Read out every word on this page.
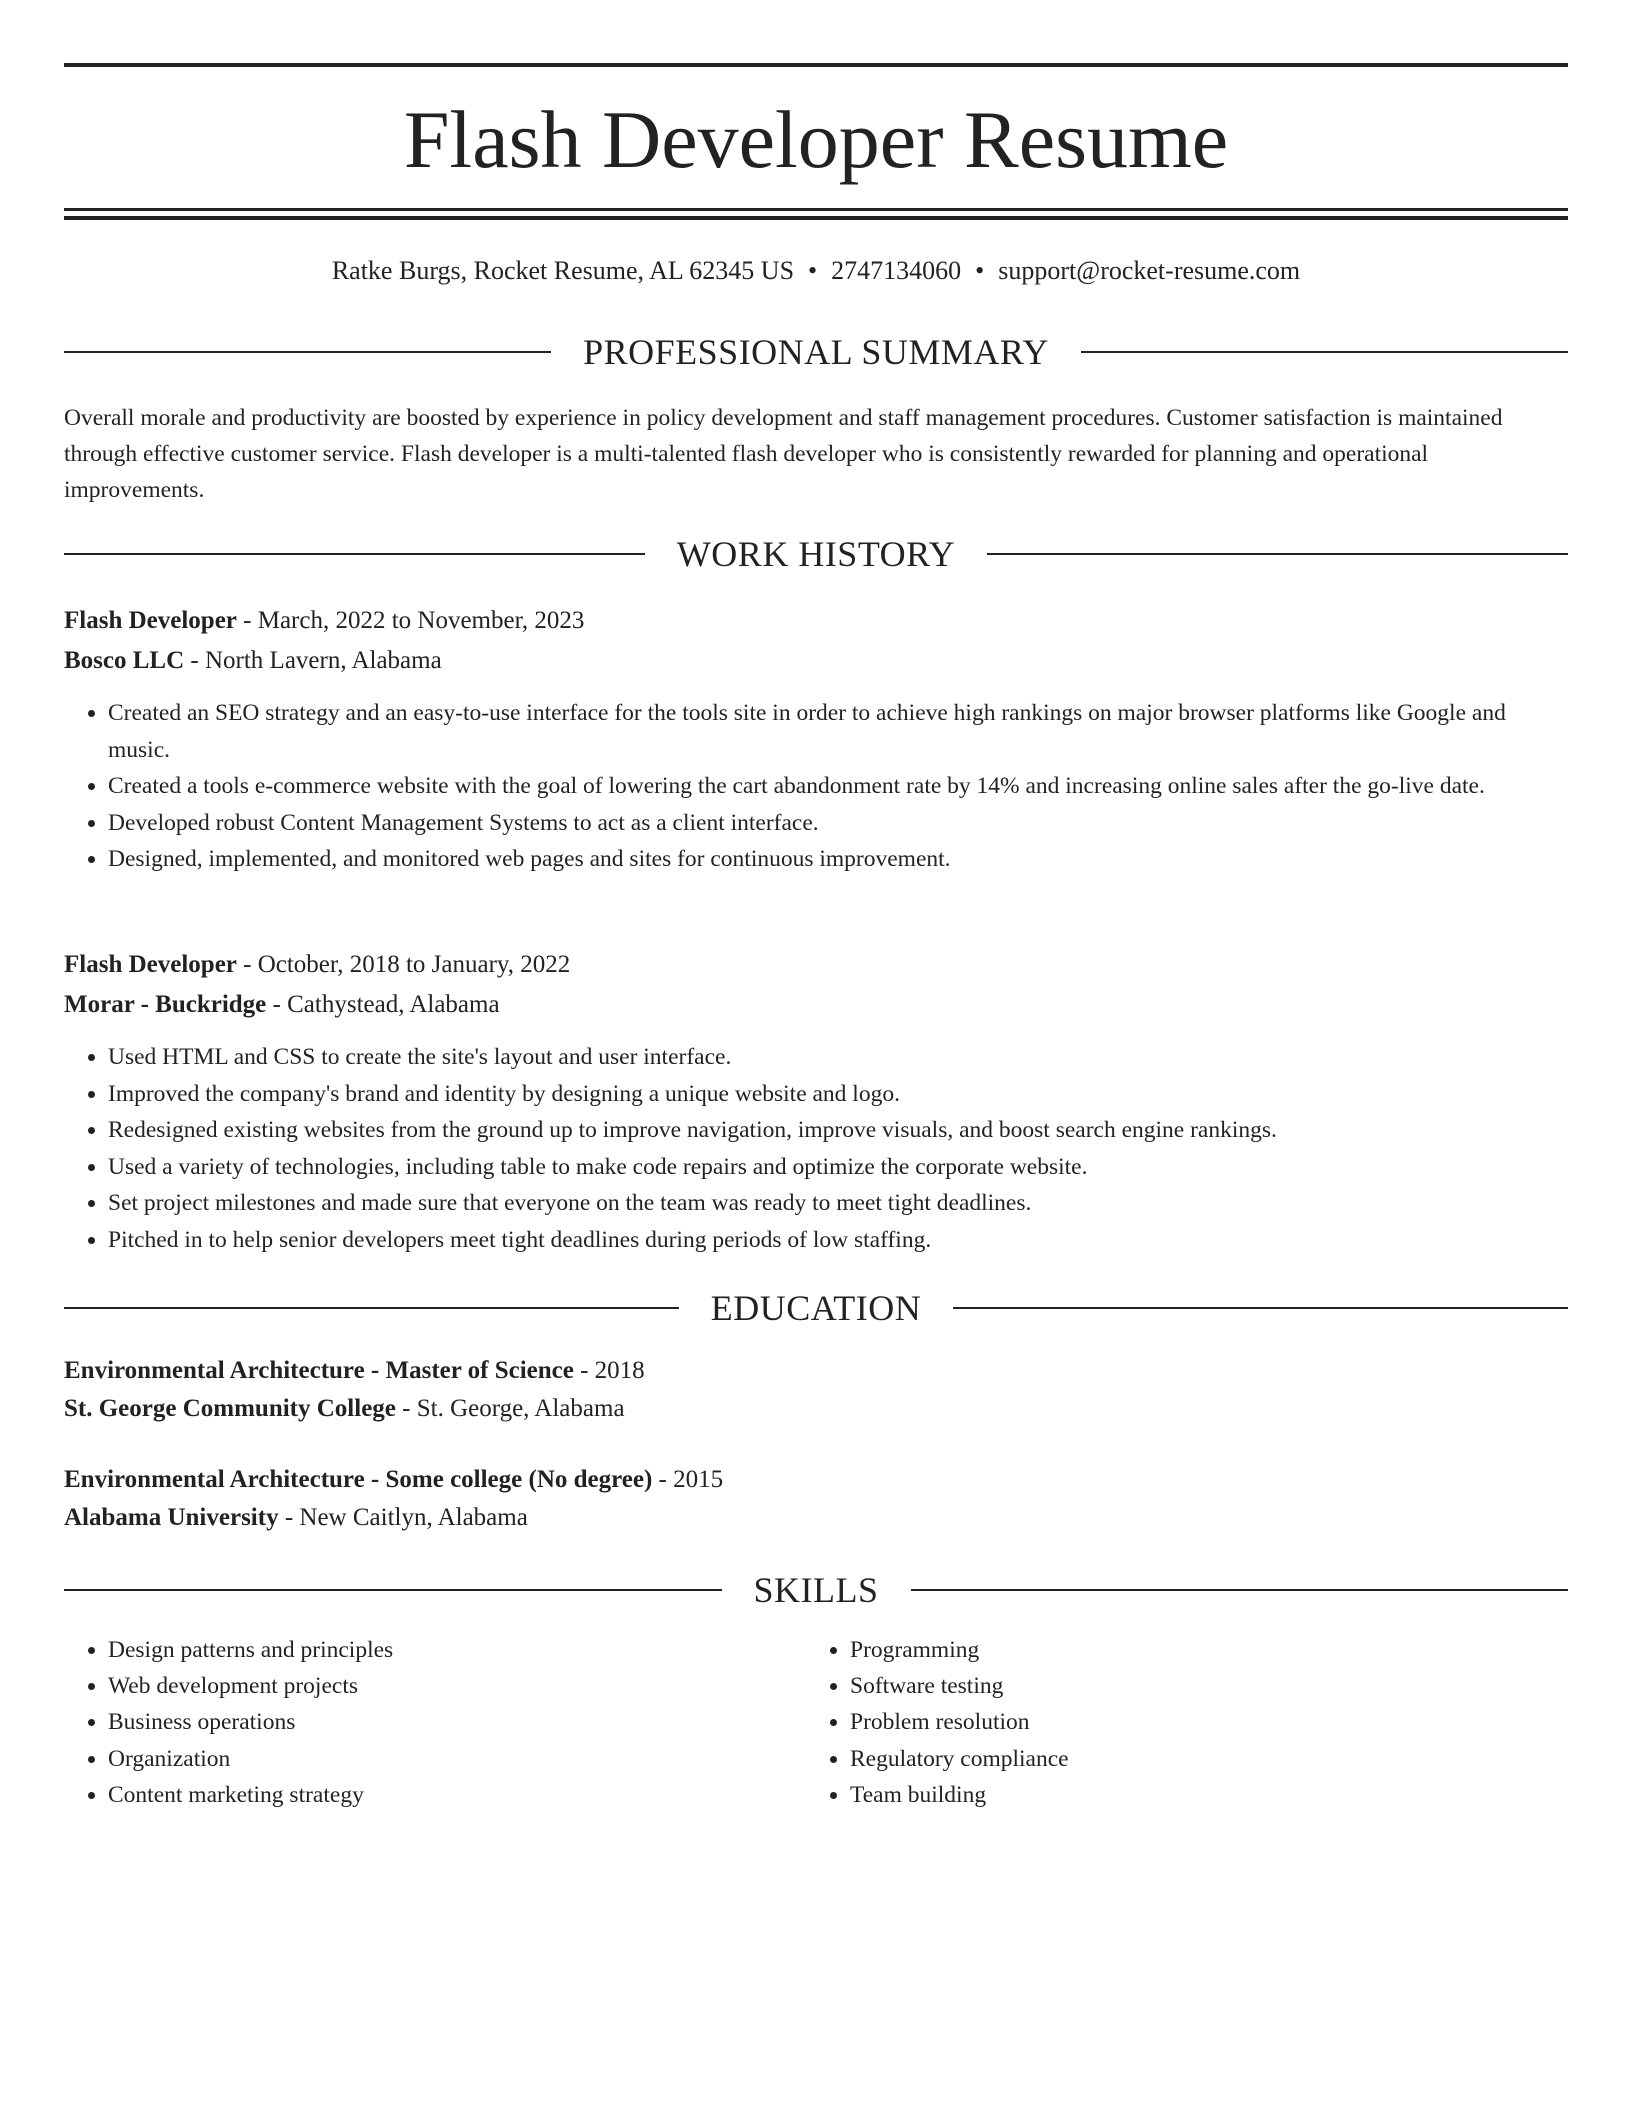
Flash Developer Resume
Ratke Burgs, Rocket Resume, AL 62345 US • 2747134060 • support@rocket-resume.com
PROFESSIONAL SUMMARY

Overall morale and productivity are boosted by experience in policy development and staff management procedures. Customer satisfaction is maintained through effective customer service. Flash developer is a multi-talented flash developer who is consistently rewarded for planning and operational improvements.

WORK HISTORY
Flash Developer - March, 2022 to November, 2023
Bosco LLC - North Lavern, Alabama
• Created an SEO strategy and an easy-to-use interface for the tools site in order to achieve high rankings on major browser platforms like Google and music.
• Created a tools e-commerce website with the goal of lowering the cart abandonment rate by 14% and increasing online sales after the go-live date.
• Developed robust Content Management Systems to act as a client interface.
• Designed, implemented, and monitored web pages and sites for continuous improvement.
Flash Developer - October, 2018 to January, 2022
Morar - Buckridge - Cathystead, Alabama
• Used HTML and CSS to create the site's layout and user interface.
• Improved the company's brand and identity by designing a unique website and logo.
• Redesigned existing websites from the ground up to improve navigation, improve visuals, and boost search engine rankings.
• Used a variety of technologies, including table to make code repairs and optimize the corporate website.
• Set project milestones and made sure that everyone on the team was ready to meet tight deadlines.
• Pitched in to help senior developers meet tight deadlines during periods of low staffing.
EDUCATION
Environmental Architecture - Master of Science - 2018
St. George Community College - St. George, Alabama
Environmental Architecture - Some college (No degree) - 2015
Alabama University - New Caitlyn, Alabama
SKILLS
• Design patterns and principles
• Web development projects
• Business operations
• Organization
• Content marketing strategy
• Programming
• Software testing
• Problem resolution
• Regulatory compliance
• Team building
